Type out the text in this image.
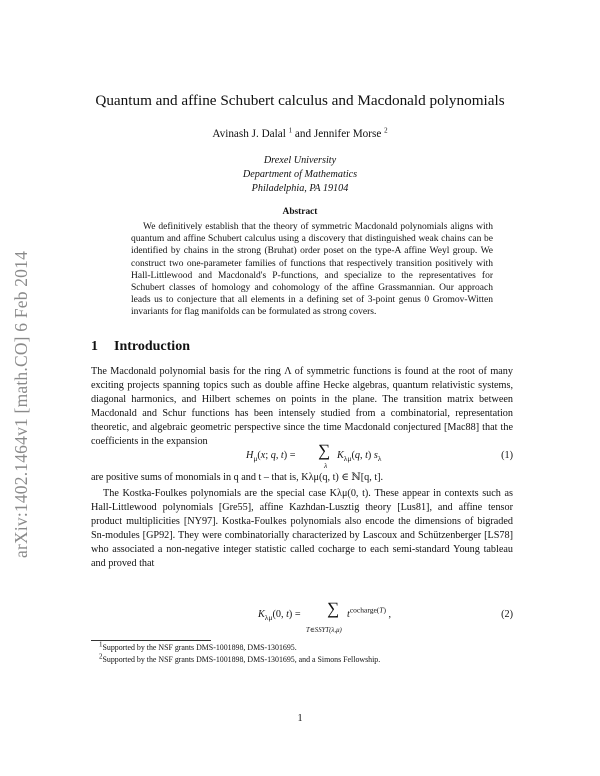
arXiv:1402.1464v1 [math.CO] 6 Feb 2014
Quantum and affine Schubert calculus and Macdonald polynomials
Avinash J. Dalal $^1$ and Jennifer Morse $^2$
Drexel University
Department of Mathematics
Philadelphia, PA 19104
Abstract
We definitively establish that the theory of symmetric Macdonald polynomials aligns with quantum and affine Schubert calculus using a discovery that distinguished weak chains can be identified by chains in the strong (Bruhat) order poset on the type-A affine Weyl group. We construct two one-parameter families of functions that respectively transition positively with Hall-Littlewood and Macdonald's P-functions, and specialize to the representatives for Schubert classes of homology and cohomology of the affine Grassmannian. Our approach leads us to conjecture that all elements in a defining set of 3-point genus 0 Gromov-Witten invariants for flag manifolds can be formulated as strong covers.
1 Introduction
The Macdonald polynomial basis for the ring Λ of symmetric functions is found at the root of many exciting projects spanning topics such as double affine Hecke algebras, quantum relativistic systems, diagonal harmonics, and Hilbert schemes on points in the plane. The transition matrix between Macdonald and Schur functions has been intensely studied from a combinatorial, representation theoretic, and algebraic geometric perspective since the time Macdonald conjectured [Mac88] that the coefficients in the expansion
$H_\mu(x$; q, t) = ∑
λ
$K_{\lambda\mu}(q$, t) $s_\lambda$	(1)
are positive sums of monomials in q and t – that is, Kλμ(q, t) ∈ ℕ[q, t].
The Kostka-Foulkes polynomials are the special case Kλμ(0, t). These appear in contexts such as Hall-Littlewood polynomials [Gre55], affine Kazhdan-Lusztig theory [Lus81], and affine tensor product multiplicities [NY97]. Kostka-Foulkes polynomials also encode the dimensions of bigraded Sn-modules [GP92]. They were combinatorially characterized by Lascoux and Schützenberger [LS78] who associated a non-negative integer statistic called cocharge to each semi-standard Young tableau and proved that
$K_{\lambda\mu}(0$, t) = ∑
T∈SSYT(λ,μ)
$t^{cocharge(T)}$ ,	(2)
$^1$Supported by the NSF grants DMS-1001898, DMS-1301695.
$^2$Supported by the NSF grants DMS-1001898, DMS-1301695, and a Simons Fellowship.
1
